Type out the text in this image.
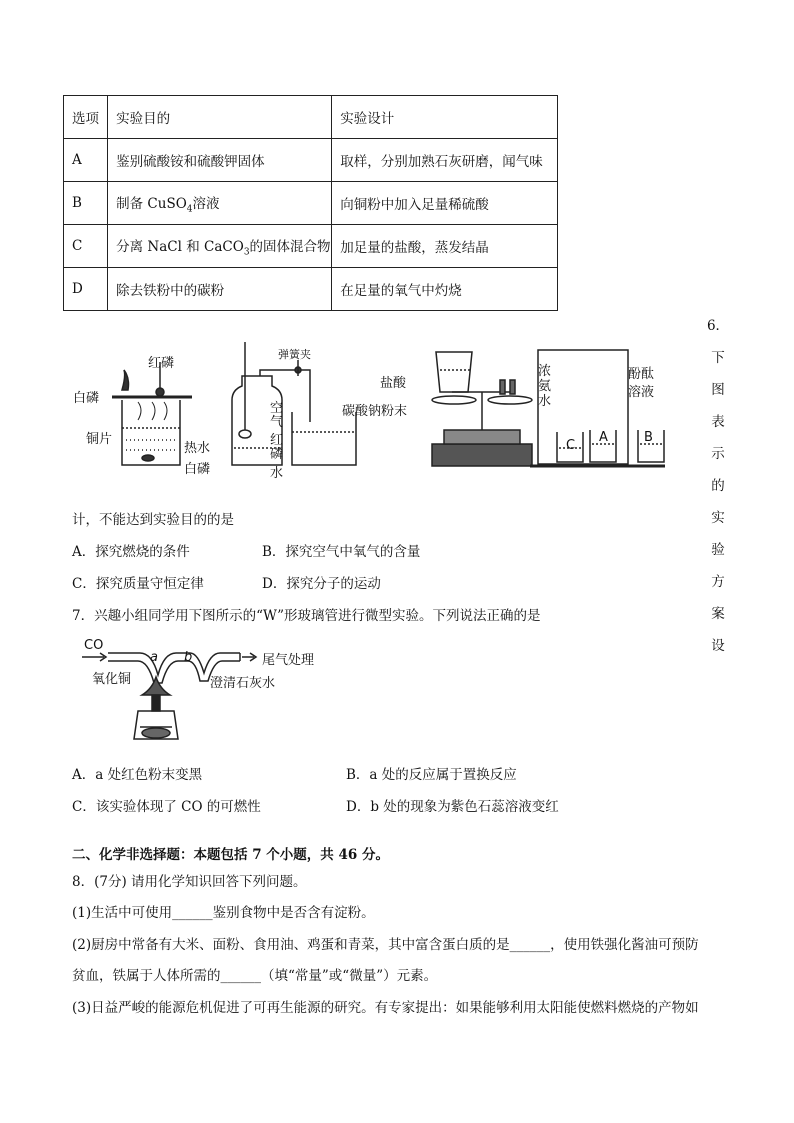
选项	实验目的	实验设计
A	鉴别硫酸铵和硫酸钾固体	取样，分别加熟石灰研磨，闻气味
B	制备 CuSO$_4$溶液	向铜粉中加入足量稀硫酸
C	分离 NaCl 和 CaCO$_3$的固体混合物	加足量的盐酸，蒸发结晶
D	除去铁粉中的碳粉	在足量的氧气中灼烧
6．下
图表
示的
实验
方案
设
红磷
白磷
铜片
热水
白磷
弹簧夹
空气
红磷
水
盐酸
碳酸钠粉末
浓氨水
酚酞溶液
C
A	B
计，不能达到实验目的的是
A．探究燃烧的条件	B．探究空气中氧气的含量
C．探究质量守恒定律	D．探究分子的运动
7．兴趣小组同学用下图所示的“W”形玻璃管进行微型实验。下列说法正确的是
CO
a b	尾气处理
氧化铜	澄清石灰水
A．a 处红色粉末变黑	B．a 处的反应属于置换反应
C．该实验体现了 CO 的可燃性	D．b 处的现象为紫色石蕊溶液变红
二、化学非选择题：本题包括 7 个小题，共 46 分。
8．(7分) 请用化学知识回答下列问题。
(1)生活中可使用______鉴别食物中是否含有淀粉。
(2)厨房中常备有大米、面粉、食用油、鸡蛋和青菜，其中富含蛋白质的是______，使用铁强化酱油可预防
贫血，铁属于人体所需的______（填“常量”或“微量”）元素。
(3)日益严峻的能源危机促进了可再生能源的研究。有专家提出：如果能够利用太阳能使燃料燃烧的产物如
